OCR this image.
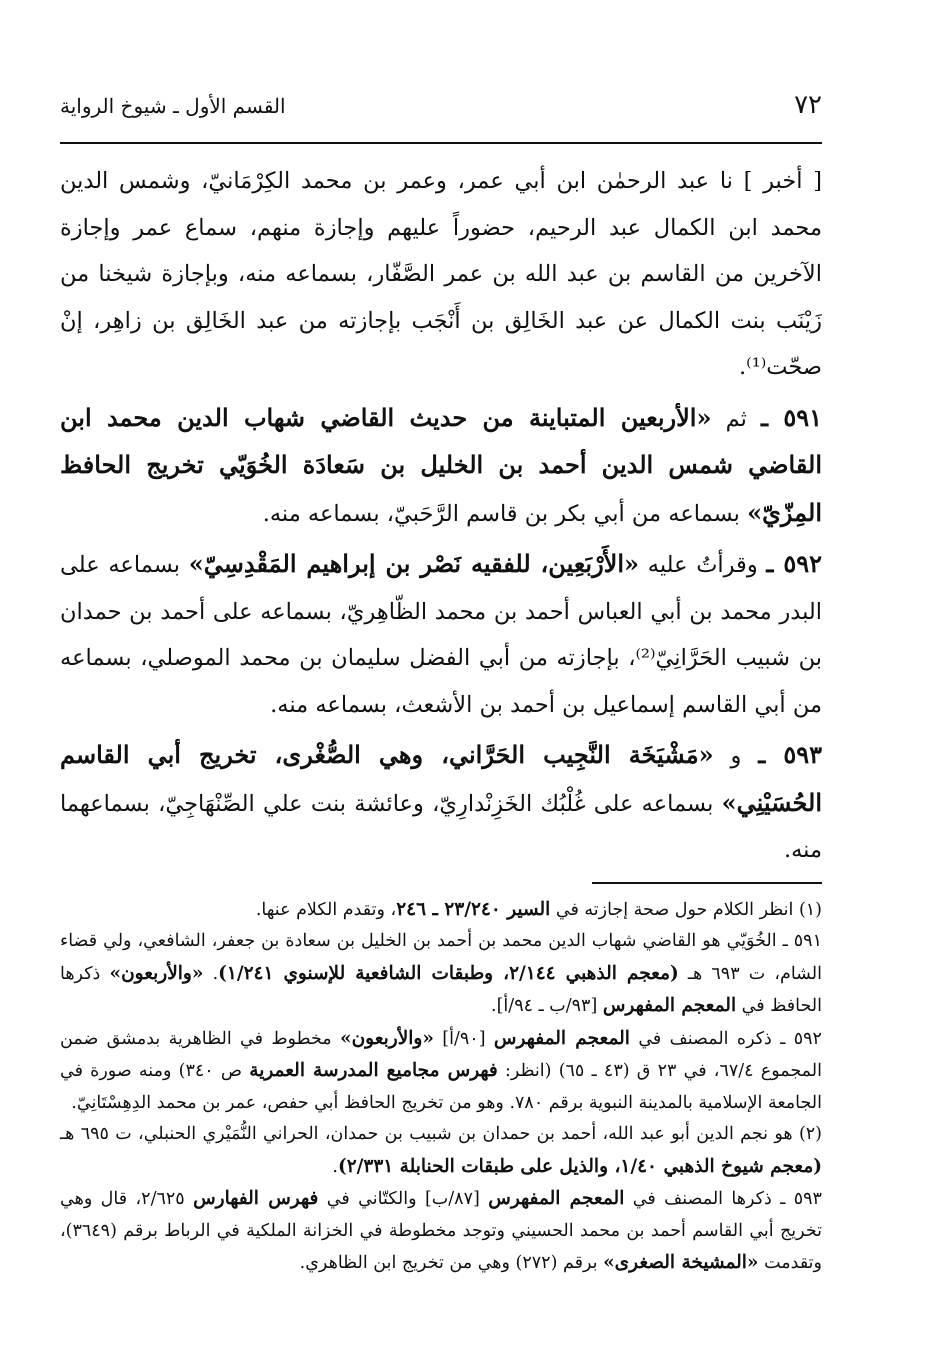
٧٢
القسم الأول ـ شيوخ الرواية

[ أخبر ] نا عبد الرحمٰن ابن أبي عمر، وعمر بن محمد الكِرْمَانيّ، وشمس الدين محمد ابن الكمال عبد الرحيم، حضوراً عليهم وإجازة منهم، سماع عمر وإجازة الآخرين من القاسم بن عبد الله بن عمر الصَّفّار، بسماعه منه، وبإجازة شيخنا من زَيْنَب بنت الكمال عن عبد الخَالِق بن أَنْجَب بإجازته من عبد الخَالِق بن زاهِر، إنْ صحّت⁽¹⁾.

٥٩١ ـ ثم «الأربعين المتباينة من حديث القاضي شهاب الدين محمد ابن القاضي شمس الدين أحمد بن الخليل بن سَعادَة الخُوَيّي تخريج الحافظ المِزّيّ» بسماعه من أبي بكر بن قاسم الرَّحَبيّ، بسماعه منه.

٥٩٢ ـ وقرأتُ عليه «الأَرْبَعِين، للفقيه نَصْر بن إبراهيم المَقْدِسِيّ» بسماعه على البدر محمد بن أبي العباس أحمد بن محمد الظّاهِريّ، بسماعه على أحمد بن حمدان بن شبيب الحَرَّانِيّ⁽²⁾، بإجازته من أبي الفضل سليمان بن محمد الموصلي، بسماعه من أبي القاسم إسماعيل بن أحمد بن الأشعث، بسماعه منه.

٥٩٣ ـ و «مَشْيَخَة النَّجِيب الحَرَّاني، وهي الصُّغْرى، تخريج أبي القاسم الحُسَيْنِي» بسماعه على غُلْبُك الخَزِنْدارِيّ، وعائشة بنت علي الصِّنْهَاجِيّ، بسماعهما منه.

(١) انظر الكلام حول صحة إجازته في السير ٢٣/٢٤٠ ـ ٢٤٦، وتقدم الكلام عنها.

٥٩١ ـ الخُوَيّي هو القاضي شهاب الدين محمد بن أحمد بن الخليل بن سعادة بن جعفر، الشافعي، ولي قضاء الشام، ت ٦٩٣ هـ (معجم الذهبي ٢/١٤٤، وطبقات الشافعية للإسنوي ١/٢٤١). «والأربعون» ذكرها الحافظ في المعجم المفهرس [٩٣/ب ـ ٩٤/أ].

٥٩٢ ـ ذكره المصنف في المعجم المفهرس [٩٠/أ] «والأربعون» مخطوط في الظاهرية بدمشق ضمن المجموع ٦٧/٤، في ٢٣ ق (٤٣ ـ ٦٥) (انظر: فهرس مجاميع المدرسة العمرية ص ٣٤٠) ومنه صورة في الجامعة الإسلامية بالمدينة النبوية برقم ٧٨٠. وهو من تخريج الحافظ أبي حفص، عمر بن محمد الدِهِسْتَانِيّ.

(٢) هو نجم الدين أبو عبد الله، أحمد بن حمدان بن شبيب بن حمدان، الحراني النُّمَيْري الحنبلي، ت ٦٩٥ هـ (معجم شيوخ الذهبي ١/٤٠، والذيل على طبقات الحنابلة ٢/٣٣١).

٥٩٣ ـ ذكرها المصنف في المعجم المفهرس [٨٧/ب] والكتّاني في فهرس الفهارس ٢/٦٢٥، قال وهي تخريج أبي القاسم أحمد بن محمد الحسيني وتوجد مخطوطة في الخزانة الملكية في الرباط برقم (٣٦٤٩)، وتقدمت «المشيخة الصغرى» برقم (٢٧٢) وهي من تخريج ابن الظاهري.
